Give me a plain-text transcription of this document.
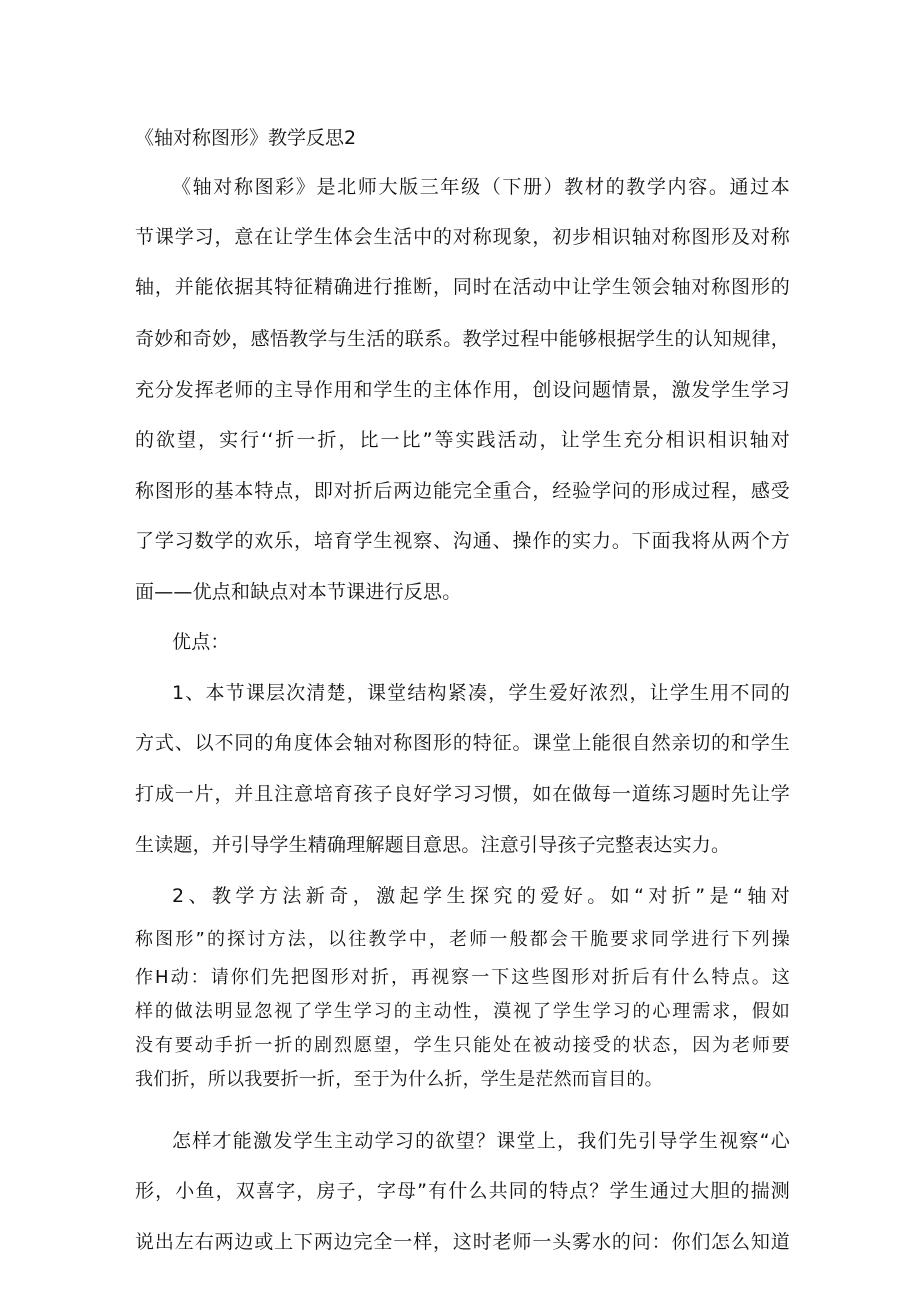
《轴对称图形》教学反思2
《轴对称图彩》是北师大版三年级（下册）教材的教学内容。通过本
节课学习，意在让学生体会生活中的对称现象，初步相识轴对称图形及对称
轴，并能依据其特征精确进行推断，同时在活动中让学生领会轴对称图形的
奇妙和奇妙，感悟教学与生活的联系。教学过程中能够根据学生的认知规律，
充分发挥老师的主导作用和学生的主体作用，创设问题情景，激发学生学习
的欲望，实行‘‘折一折，比一比”等实践活动，让学生充分相识相识轴对
称图形的基本特点，即对折后两边能完全重合，经验学问的形成过程，感受
了学习数学的欢乐，培育学生视察、沟通、操作的实力。下面我将从两个方
面——优点和缺点对本节课进行反思。
优点：
1、本节课层次清楚，课堂结构紧凑，学生爱好浓烈，让学生用不同的
方式、以不同的角度体会轴对称图形的特征。课堂上能很自然亲切的和学生
打成一片，并且注意培育孩子良好学习习惯，如在做每一道练习题时先让学
生读题，并引导学生精确理解题目意思。注意引导孩子完整表达实力。
2、教学方法新奇，激起学生探究的爱好。如“对折”是“轴对
称图形”的探讨方法，以往教学中，老师一般都会干脆要求同学进行下列操
作H动：请你们先把图形对折，再视察一下这些图形对折后有什么特点。这
样的做法明显忽视了学生学习的主动性，漠视了学生学习的心理需求，假如
没有要动手折一折的剧烈愿望，学生只能处在被动接受的状态，因为老师要
我们折，所以我要折一折，至于为什么折，学生是茫然而盲目的。
怎样才能激发学生主动学习的欲望？课堂上，我们先引导学生视察“心
形，小鱼，双喜字，房子，字母”有什么共同的特点？学生通过大胆的揣测
说出左右两边或上下两边完全一样，这时老师一头雾水的问：你们怎么知道
